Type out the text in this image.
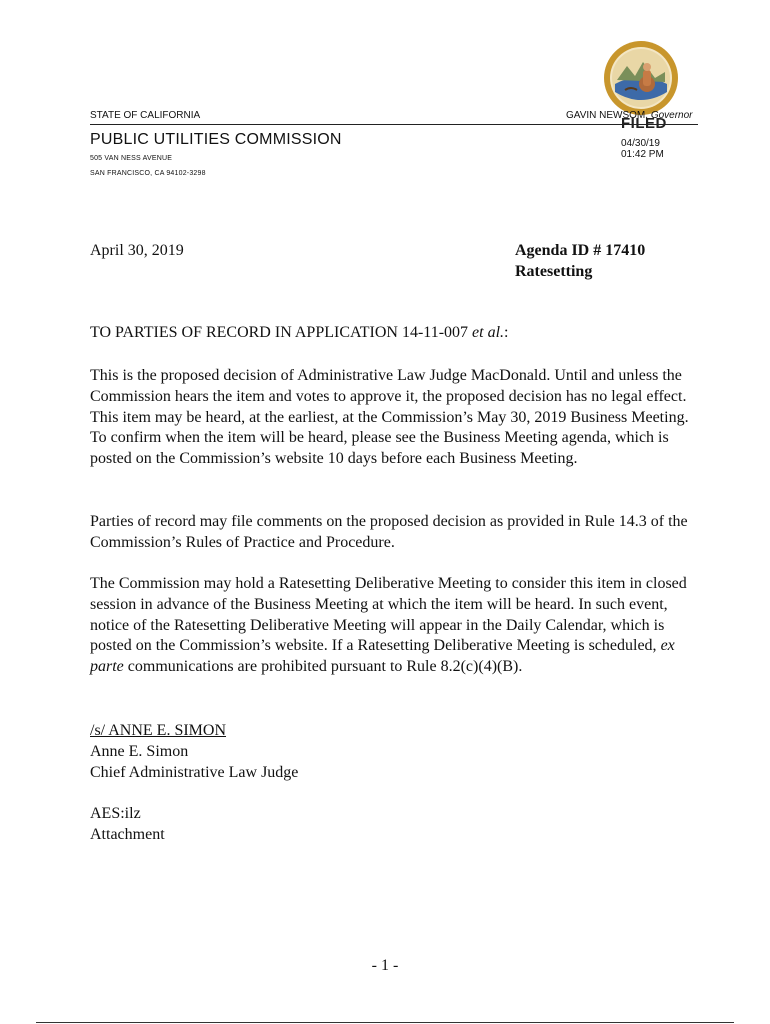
STATE OF CALIFORNIA	GAVIN NEWSOM, Governor
FILED
04/30/19
01:42 PM
PUBLIC UTILITIES COMMISSION
505 VAN NESS AVENUE
SAN FRANCISCO, CA 94102-3298
April 30, 2019	Agenda ID # 17410
Ratesetting
TO PARTIES OF RECORD IN APPLICATION 14-11-007 et al.:
This is the proposed decision of Administrative Law Judge MacDonald. Until and unless the Commission hears the item and votes to approve it, the proposed decision has no legal effect. This item may be heard, at the earliest, at the Commission’s May 30, 2019 Business Meeting. To confirm when the item will be heard, please see the Business Meeting agenda, which is posted on the Commission’s website 10 days before each Business Meeting.
Parties of record may file comments on the proposed decision as provided in Rule 14.3 of the Commission’s Rules of Practice and Procedure.
The Commission may hold a Ratesetting Deliberative Meeting to consider this item in closed session in advance of the Business Meeting at which the item will be heard. In such event, notice of the Ratesetting Deliberative Meeting will appear in the Daily Calendar, which is posted on the Commission’s website. If a Ratesetting Deliberative Meeting is scheduled, ex parte communications are prohibited pursuant to Rule 8.2(c)(4)(B).
/s/ ANNE E. SIMON
Anne E. Simon
Chief Administrative Law Judge
AES:ilz
Attachment
- 1 -
